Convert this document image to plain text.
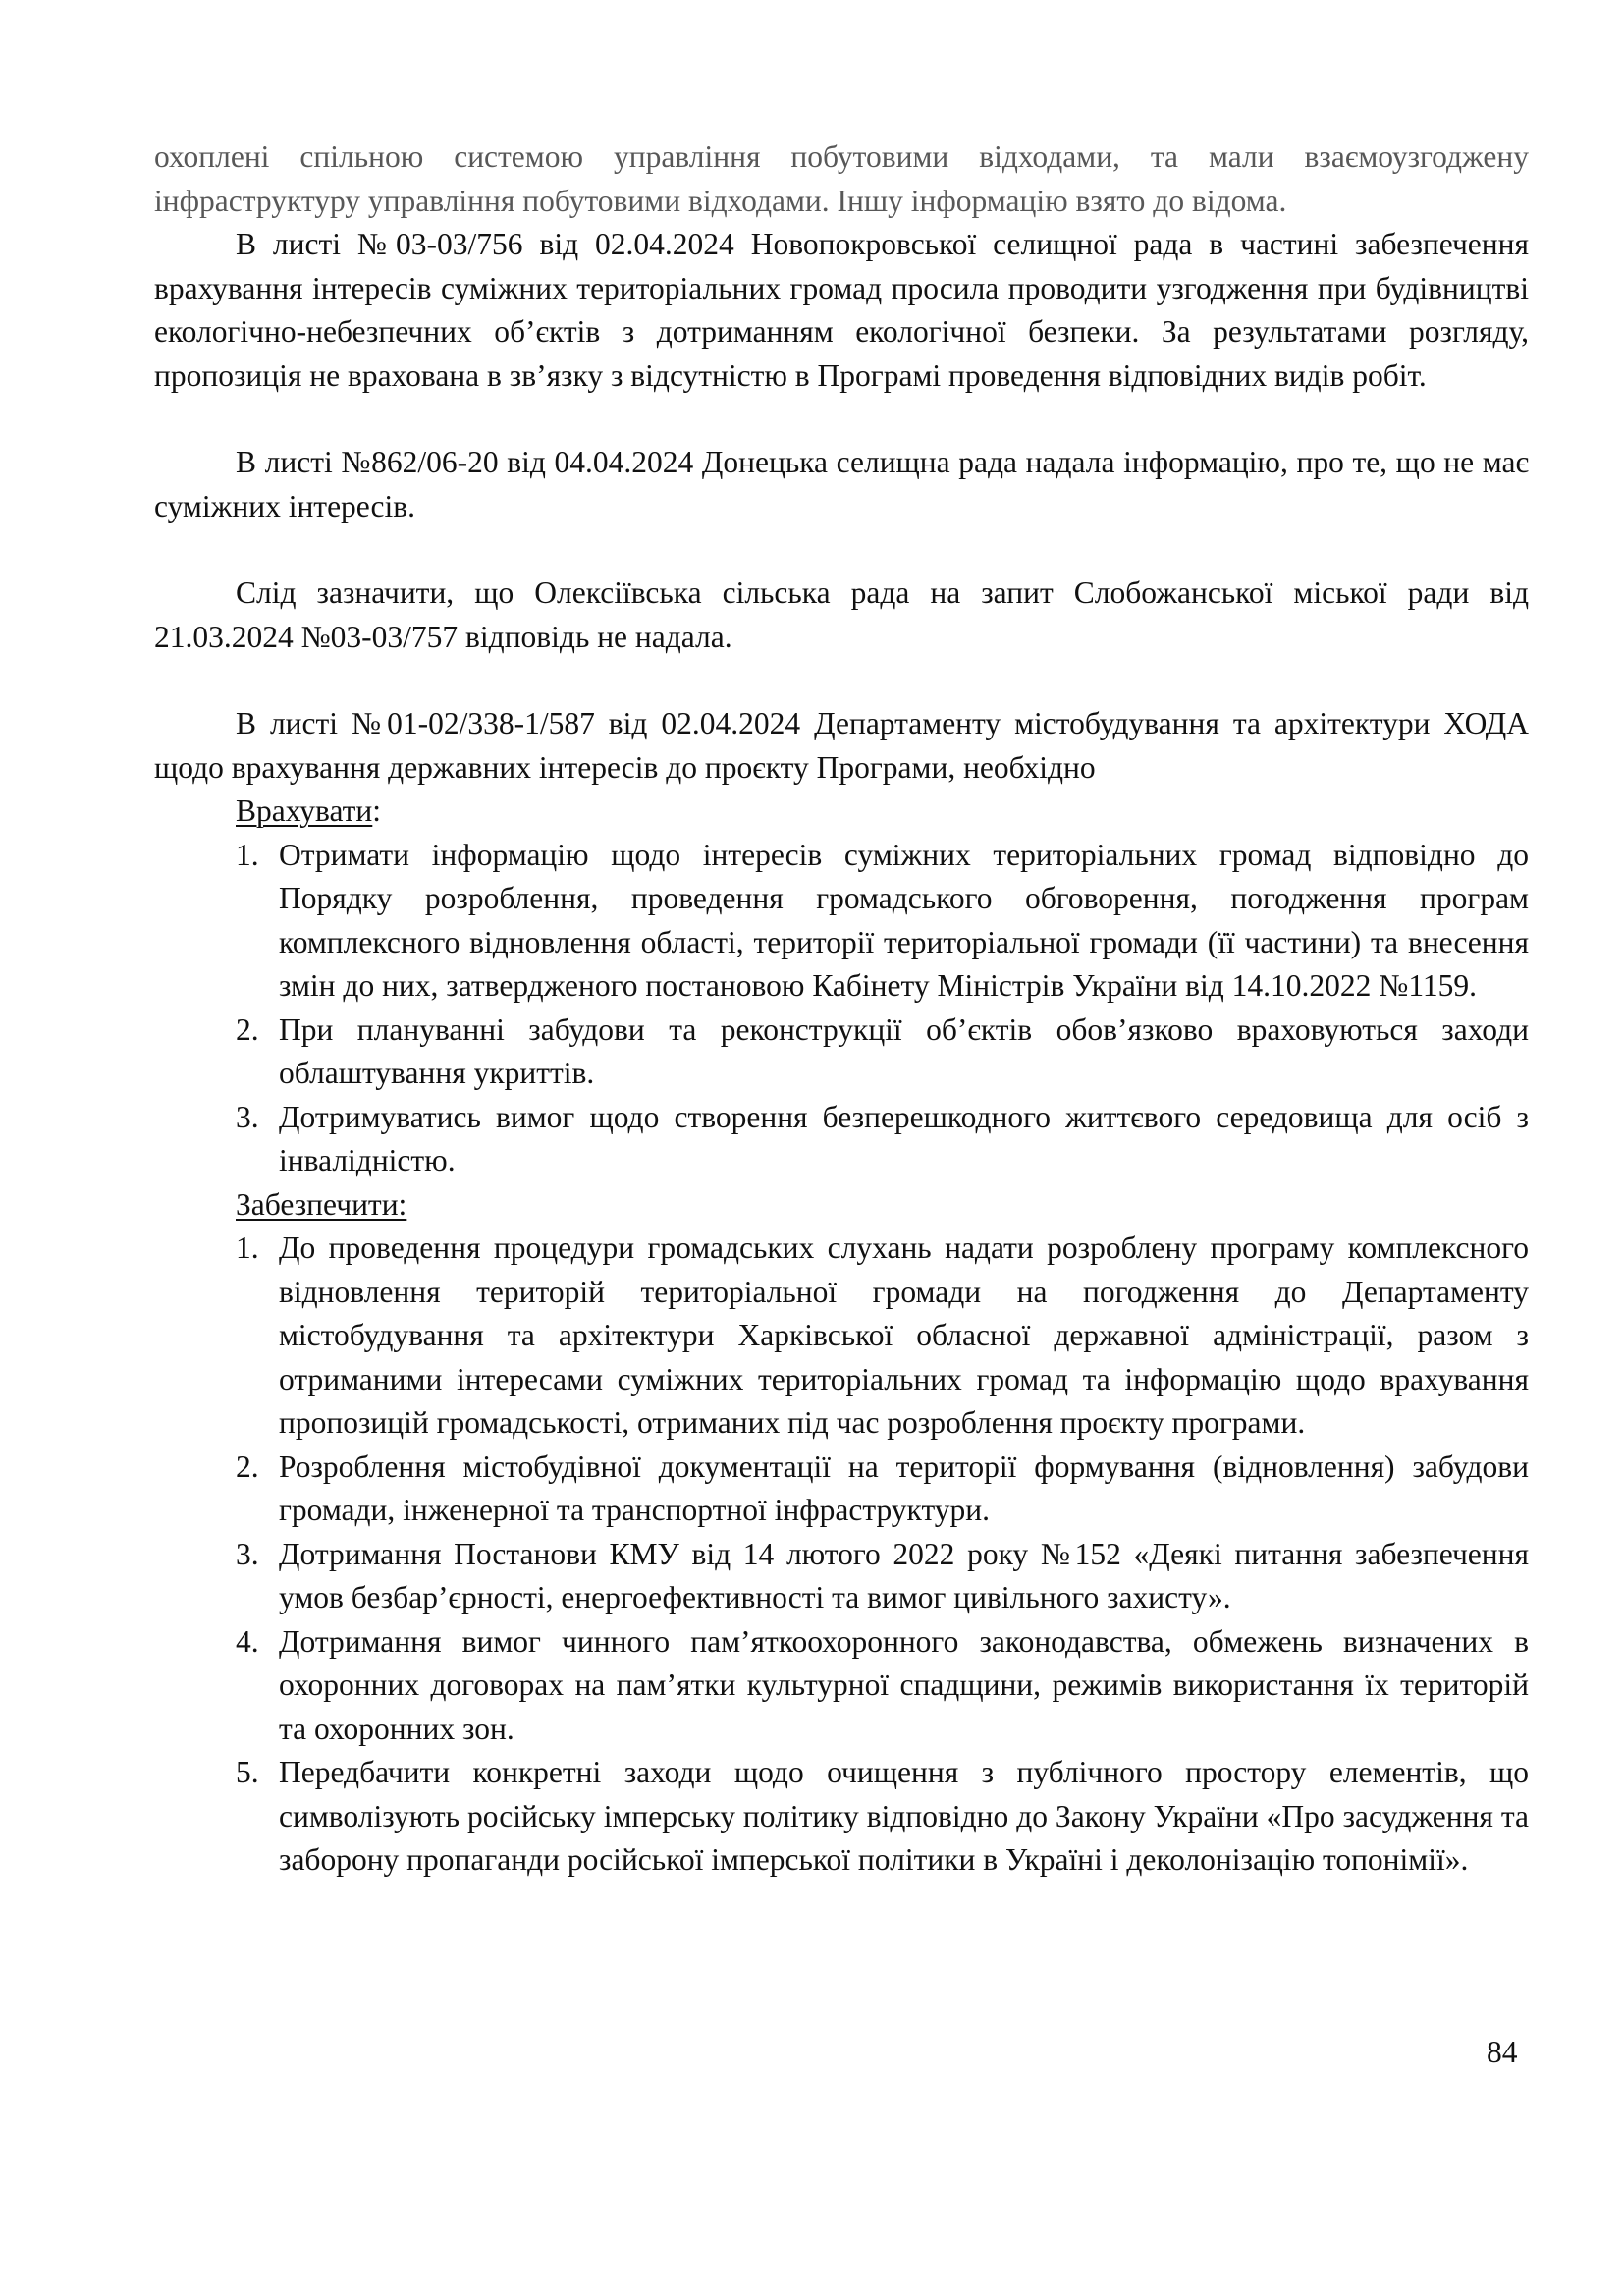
охоплені спільною системою управління побутовими відходами, та мали взаємоузгоджену інфраструктуру управління побутовими відходами. Іншу інформацію взято до відома.

В листі №03-03/756 від 02.04.2024 Новопокровської селищної рада в частині забезпечення врахування інтересів суміжних територіальних громад просила проводити узгодження при будівництві екологічно-небезпечних об’єктів з дотриманням екологічної безпеки. За результатами розгляду, пропозиція не врахована в зв’язку з відсутністю в Програмі проведення відповідних видів робіт.

В листі №862/06-20 від 04.04.2024 Донецька селищна рада надала інформацію, про те, що не має суміжних інтересів.

Слід зазначити, що Олексіївська сільська рада на запит Слобожанської міської ради від 21.03.2024 №03-03/757 відповідь не надала.

В листі №01-02/338-1/587 від 02.04.2024 Департаменту містобудування та архітектури ХОДА щодо врахування державних інтересів до проєкту Програми, необхідно

Врахувати:
1. Отримати інформацію щодо інтересів суміжних територіальних громад відповідно до Порядку розроблення, проведення громадського обговорення, погодження програм комплексного відновлення області, території територіальної громади (її частини) та внесення змін до них, затвердженого постановою Кабінету Міністрів України від 14.10.2022 №1159.
2. При плануванні забудови та реконструкції об’єктів обов’язково враховуються заходи облаштування укриттів.
3. Дотримуватись вимог щодо створення безперешкодного життєвого середовища для осіб з інвалідністю.
Забезпечити:
1. До проведення процедури громадських слухань надати розроблену програму комплексного відновлення територій територіальної громади на погодження до Департаменту містобудування та архітектури Харківської обласної державної адміністрації, разом з отриманими інтересами суміжних територіальних громад та інформацію щодо врахування пропозицій громадськості, отриманих під час розроблення проєкту програми.
2. Розроблення містобудівної документації на території формування (відновлення) забудови громади, інженерної та транспортної інфраструктури.
3. Дотримання Постанови КМУ від 14 лютого 2022 року №152 «Деякі питання забезпечення умов безбар’єрності, енергоефективності та вимог цивільного захисту».
4. Дотримання вимог чинного пам’яткоохоронного законодавства, обмежень визначених в охоронних договорах на пам’ятки культурної спадщини, режимів використання їх територій та охоронних зон.
5. Передбачити конкретні заходи щодо очищення з публічного простору елементів, що символізують російську імперську політику відповідно до Закону України «Про засудження та заборону пропаганди російської імперської політики в Україні і деколонізацію топонімії».
84
